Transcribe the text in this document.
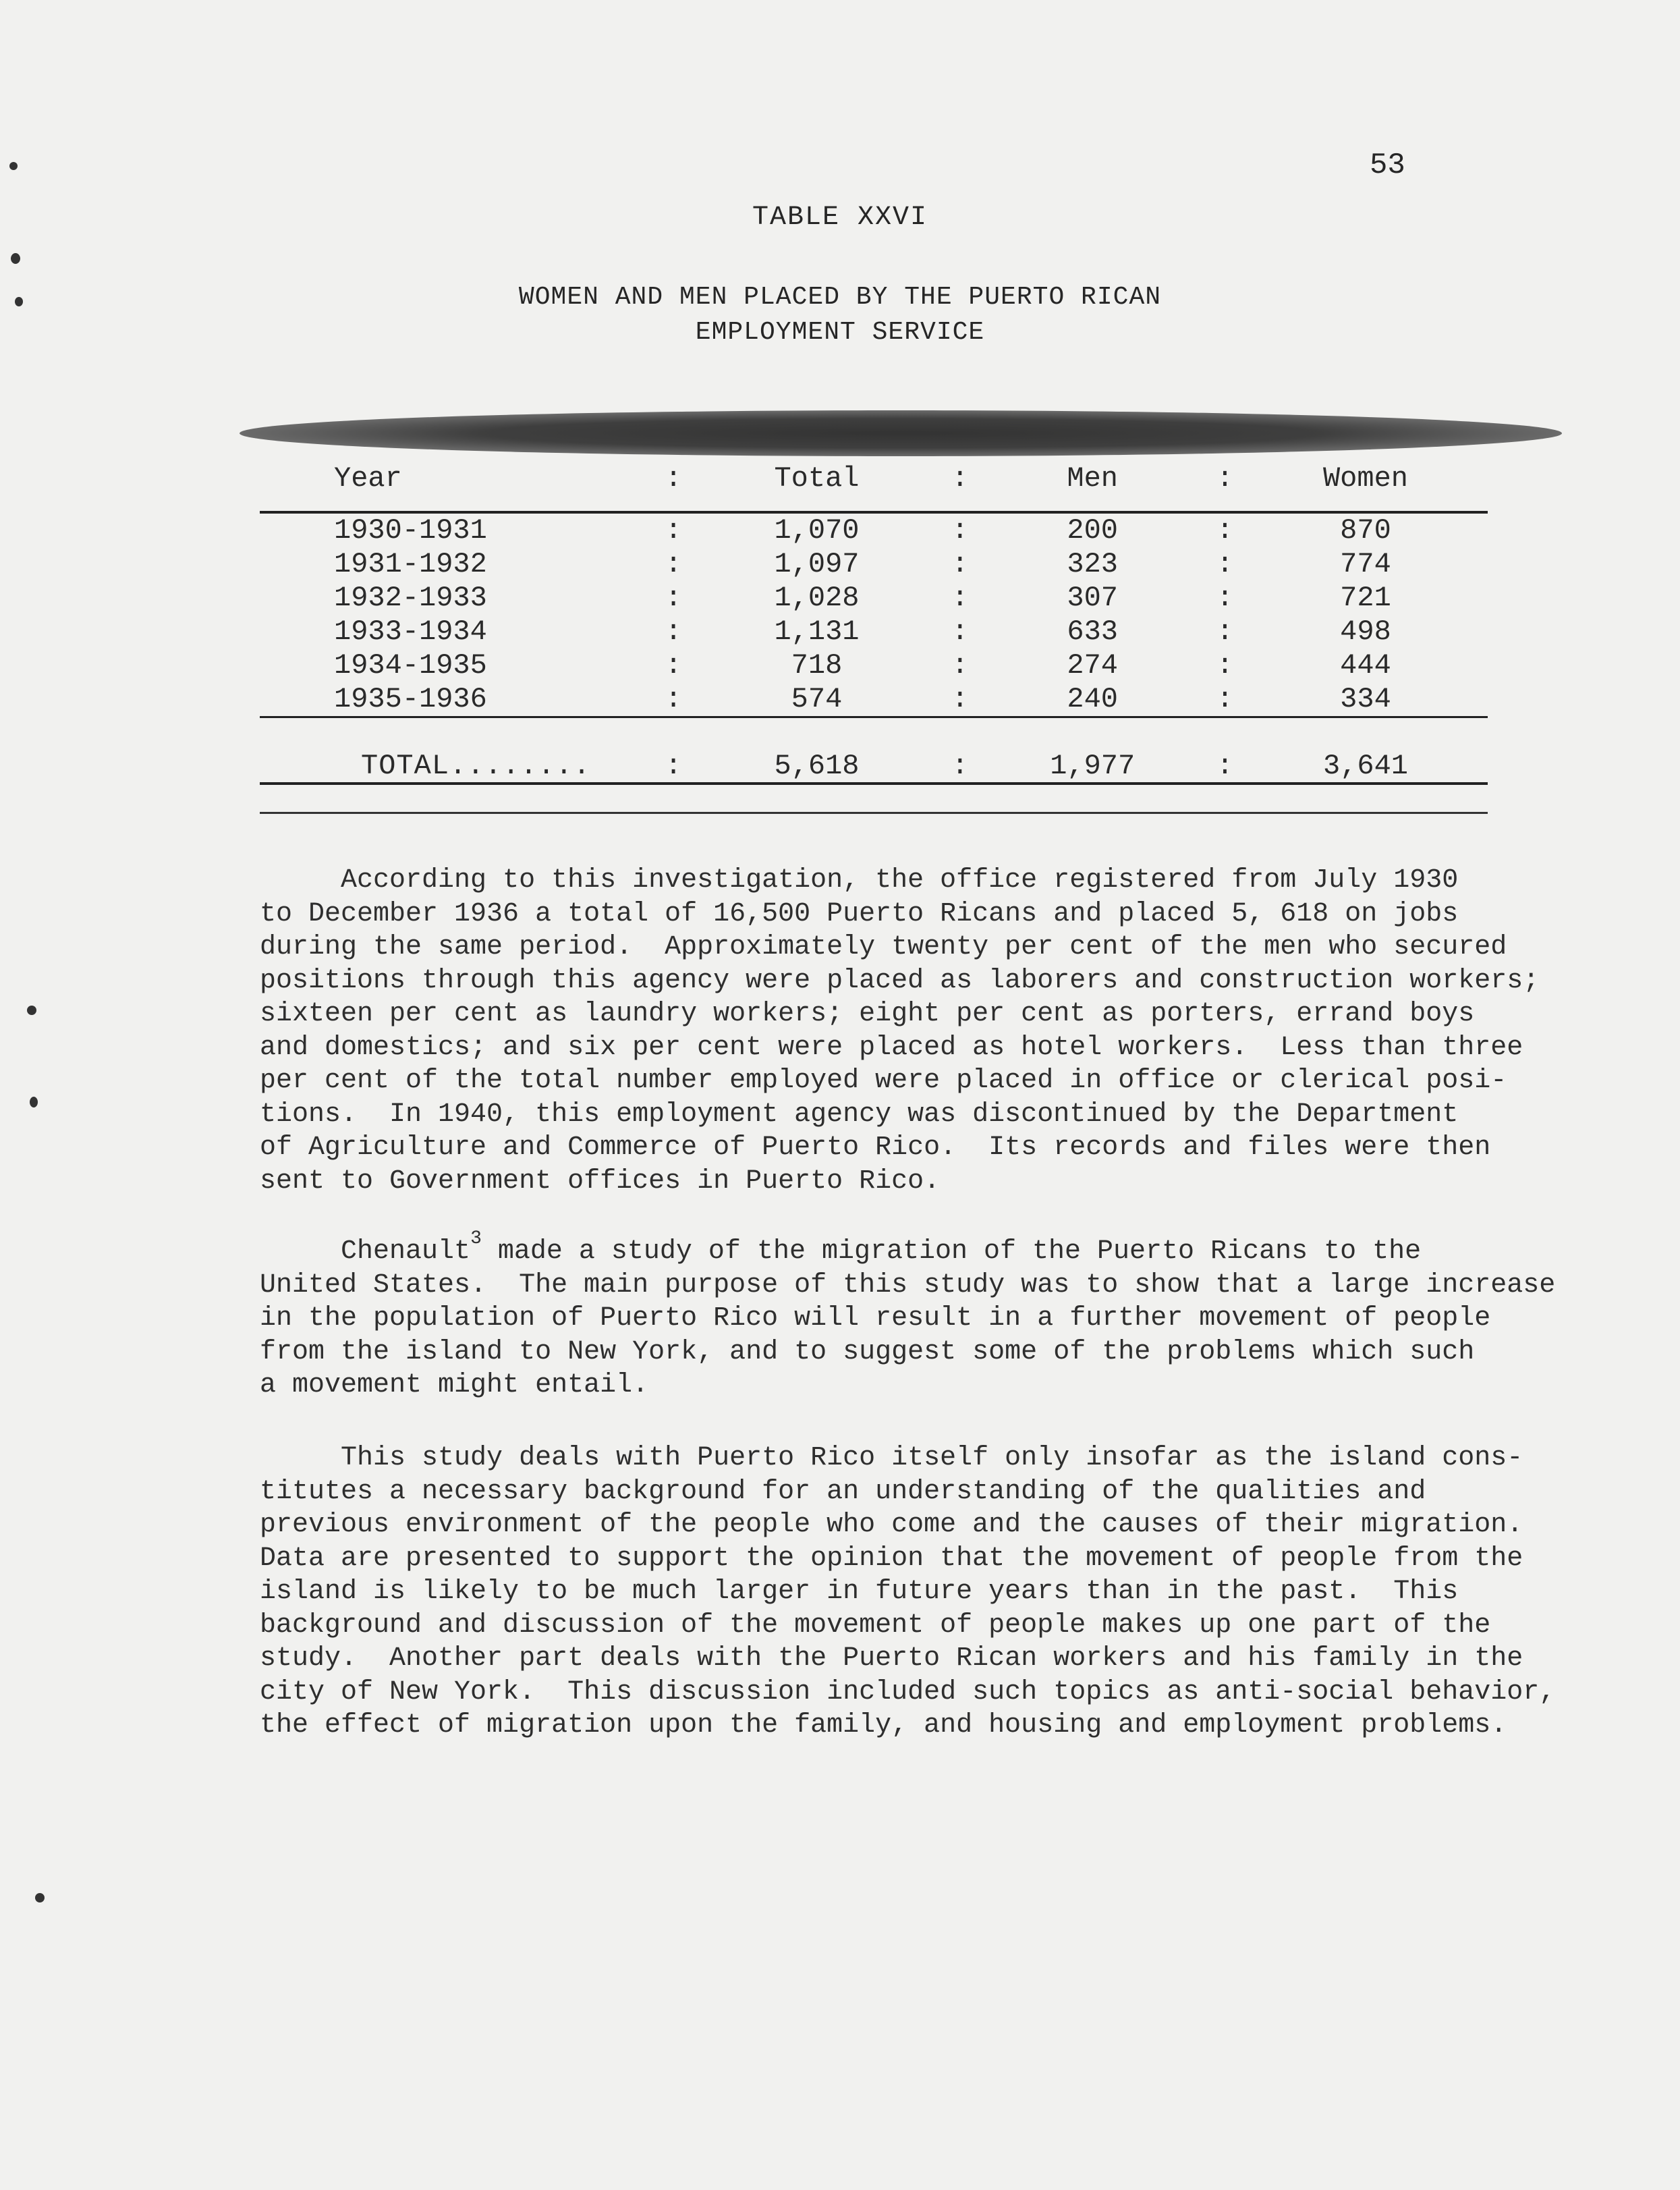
53
TABLE XXVI
WOMEN AND MEN PLACED BY THE PUERTO RICAN
EMPLOYMENT SERVICE
Year	:	Total	:	Men	:	Women
1930-1931	:	1,070	:	200	:	870
1931-1932	:	1,097	:	323	:	774
1932-1933	:	1,028	:	307	:	721
1933-1934	:	1,131	:	633	:	498
1934-1935	:	718	:	274	:	444
1935-1936	:	574	:	240	:	334
TOTAL........	:	5,618	:	1,977	:	3,641
According to this investigation, the office registered from July 1930
to December 1936 a total of 16,500 Puerto Ricans and placed 5, 618 on jobs
during the same period.  Approximately twenty per cent of the men who secured
positions through this agency were placed as laborers and construction workers;
sixteen per cent as laundry workers; eight per cent as porters, errand boys
and domestics; and six per cent were placed as hotel workers.  Less than three
per cent of the total number employed were placed in office or clerical posi-
tions.  In 1940, this employment agency was discontinued by the Department
of Agriculture and Commerce of Puerto Rico.  Its records and files were then
sent to Government offices in Puerto Rico.
Chenault$^3$ made a study of the migration of the Puerto Ricans to the
United States.  The main purpose of this study was to show that a large increase
in the population of Puerto Rico will result in a further movement of people
from the island to New York, and to suggest some of the problems which such
a movement might entail.
This study deals with Puerto Rico itself only insofar as the island cons-
titutes a necessary background for an understanding of the qualities and
previous environment of the people who come and the causes of their migration.
Data are presented to support the opinion that the movement of people from the
island is likely to be much larger in future years than in the past.  This
background and discussion of the movement of people makes up one part of the
study.  Another part deals with the Puerto Rican workers and his family in the
city of New York.  This discussion included such topics as anti-social behavior,
the effect of migration upon the family, and housing and employment problems.
